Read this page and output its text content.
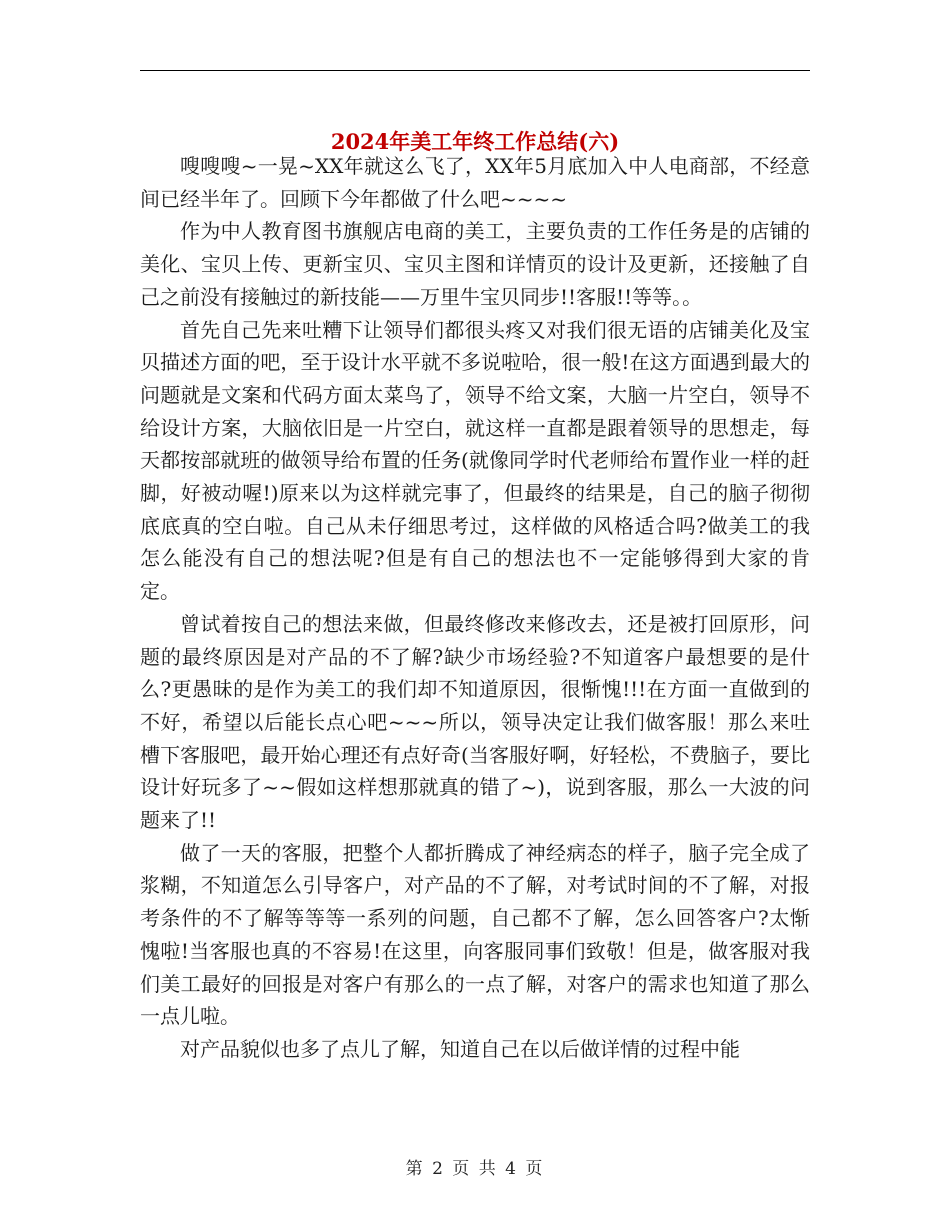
2024年美工年终工作总结(六)

嗖嗖嗖~一晃~XX年就这么飞了，XX年5月底加入中人电商部，不经意间已经半年了。回顾下今年都做了什么吧~~~~

作为中人教育图书旗舰店电商的美工，主要负责的工作任务是的店铺的美化、宝贝上传、更新宝贝、宝贝主图和详情页的设计及更新，还接触了自己之前没有接触过的新技能——万里牛宝贝同步!!客服!!等等。。

首先自己先来吐糟下让领导们都很头疼又对我们很无语的店铺美化及宝贝描述方面的吧，至于设计水平就不多说啦哈，很一般!在这方面遇到最大的问题就是文案和代码方面太菜鸟了，领导不给文案，大脑一片空白，领导不给设计方案，大脑依旧是一片空白，就这样一直都是跟着领导的思想走，每天都按部就班的做领导给布置的任务(就像同学时代老师给布置作业一样的赶脚，好被动喔!)原来以为这样就完事了，但最终的结果是，自己的脑子彻彻底底真的空白啦。自己从未仔细思考过，这样做的风格适合吗?做美工的我怎么能没有自己的想法呢?但是有自己的想法也不一定能够得到大家的肯定。

曾试着按自己的想法来做，但最终修改来修改去，还是被打回原形，问题的最终原因是对产品的不了解?缺少市场经验?不知道客户最想要的是什么?更愚昧的是作为美工的我们却不知道原因，很惭愧!!!在方面一直做到的不好，希望以后能长点心吧~~~所以，领导决定让我们做客服！那么来吐槽下客服吧，最开始心理还有点好奇(当客服好啊，好轻松，不费脑子，要比设计好玩多了~~假如这样想那就真的错了~)，说到客服，那么一大波的问题来了!!

做了一天的客服，把整个人都折腾成了神经病态的样子，脑子完全成了浆糊，不知道怎么引导客户，对产品的不了解，对考试时间的不了解，对报考条件的不了解等等等一系列的问题，自己都不了解，怎么回答客户?太惭愧啦!当客服也真的不容易!在这里，向客服同事们致敬！但是，做客服对我们美工最好的回报是对客户有那么的一点了解，对客户的需求也知道了那么一点儿啦。

对产品貌似也多了点儿了解，知道自己在以后做详情的过程中能

第 2 页 共 4 页
